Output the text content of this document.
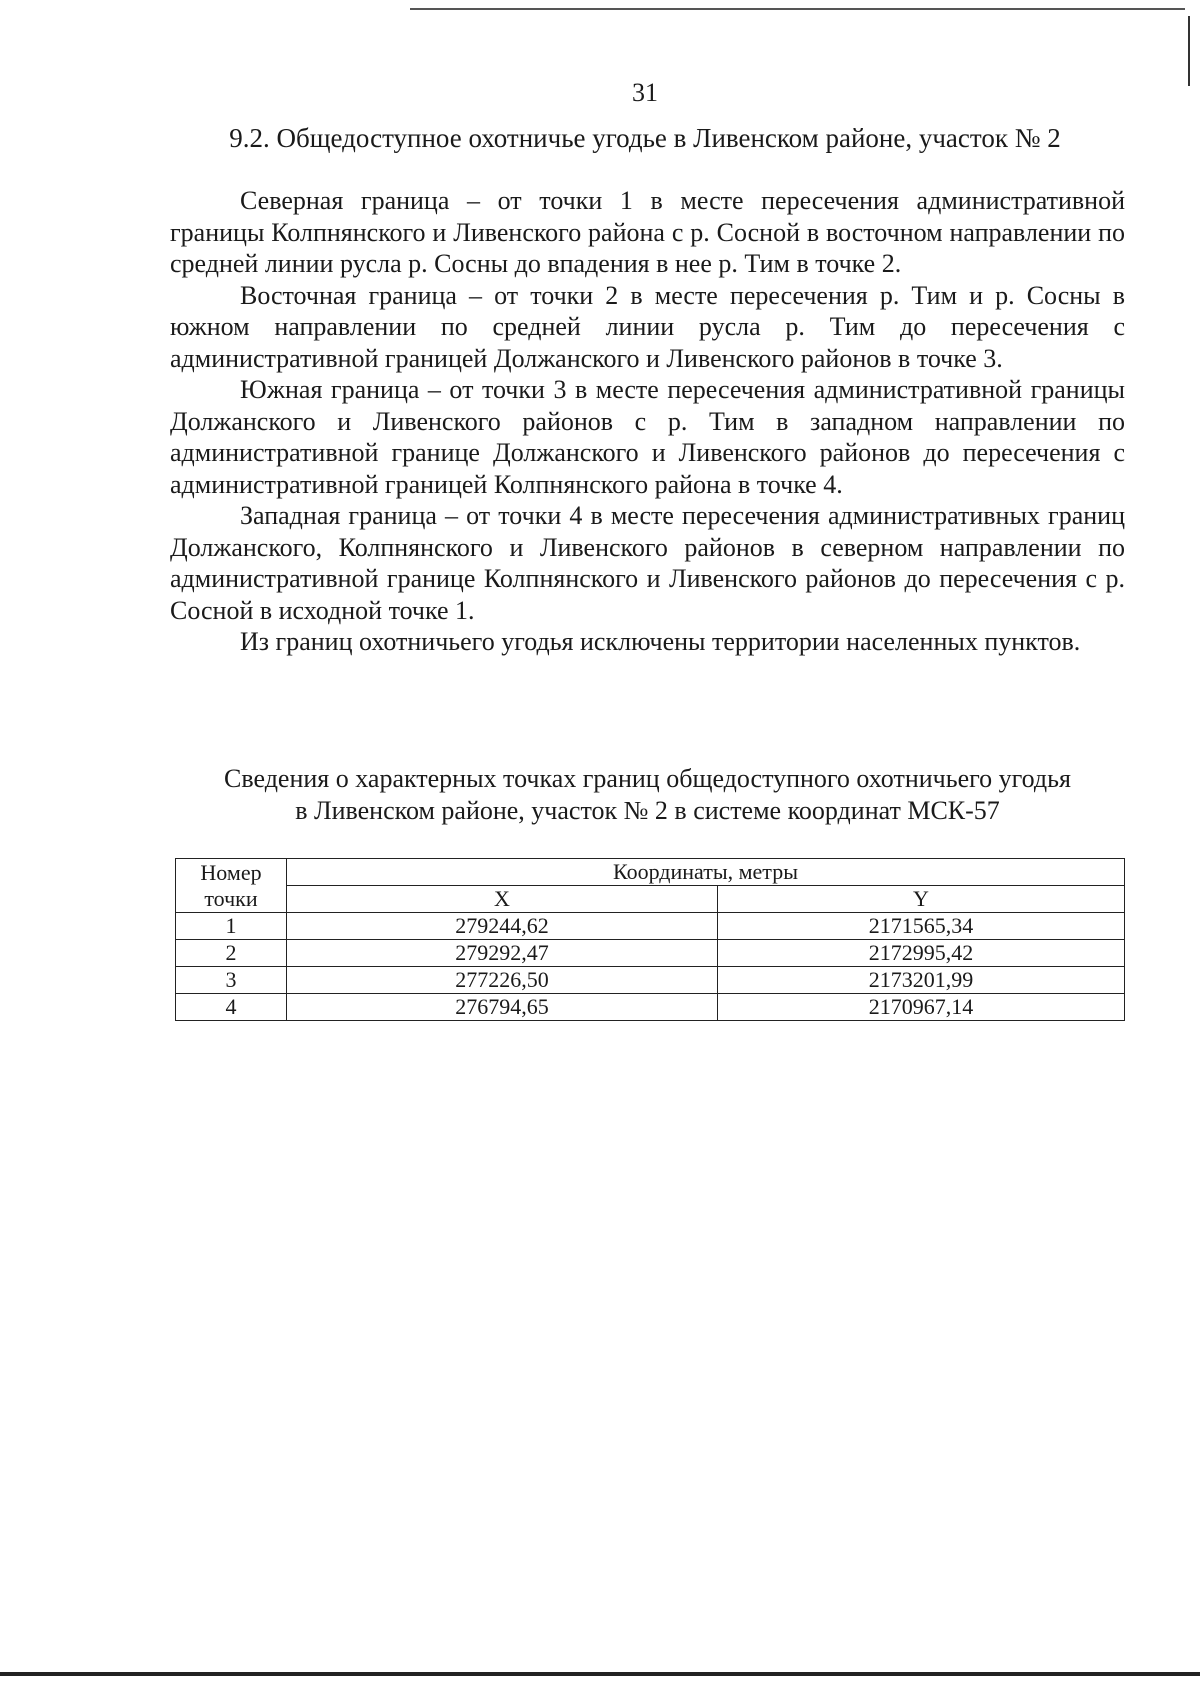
31
9.2. Общедоступное охотничье угодье в Ливенском районе, участок № 2

Северная граница – от точки 1 в месте пересечения административной границы Колпнянского и Ливенского района с р. Сосной в восточном направлении по средней линии русла р. Сосны до впадения в нее р. Тим в точке 2.

Восточная граница – от точки 2 в месте пересечения р. Тим и р. Сосны в южном направлении по средней линии русла р. Тим до пересечения с административной границей Должанского и Ливенского районов в точке 3.

Южная граница – от точки 3 в месте пересечения административной границы Должанского и Ливенского районов с р. Тим в западном направлении по административной границе Должанского и Ливенского районов до пересечения с административной границей Колпнянского района в точке 4.

Западная граница – от точки 4 в месте пересечения административных границ Должанского, Колпнянского и Ливенского районов в северном направлении по административной границе Колпнянского и Ливенского районов до пересечения с р. Сосной в исходной точке 1.

Из границ охотничьего угодья исключены территории населенных пунктов.

Сведения о характерных точках границ общедоступного охотничьего угодья
в Ливенском районе, участок № 2 в системе координат МСК-57
Номер
точки	Координаты, метры	
	X	Y
1	279244,62	2171565,34
2	279292,47	2172995,42
3	277226,50	2173201,99
4	276794,65	2170967,14
